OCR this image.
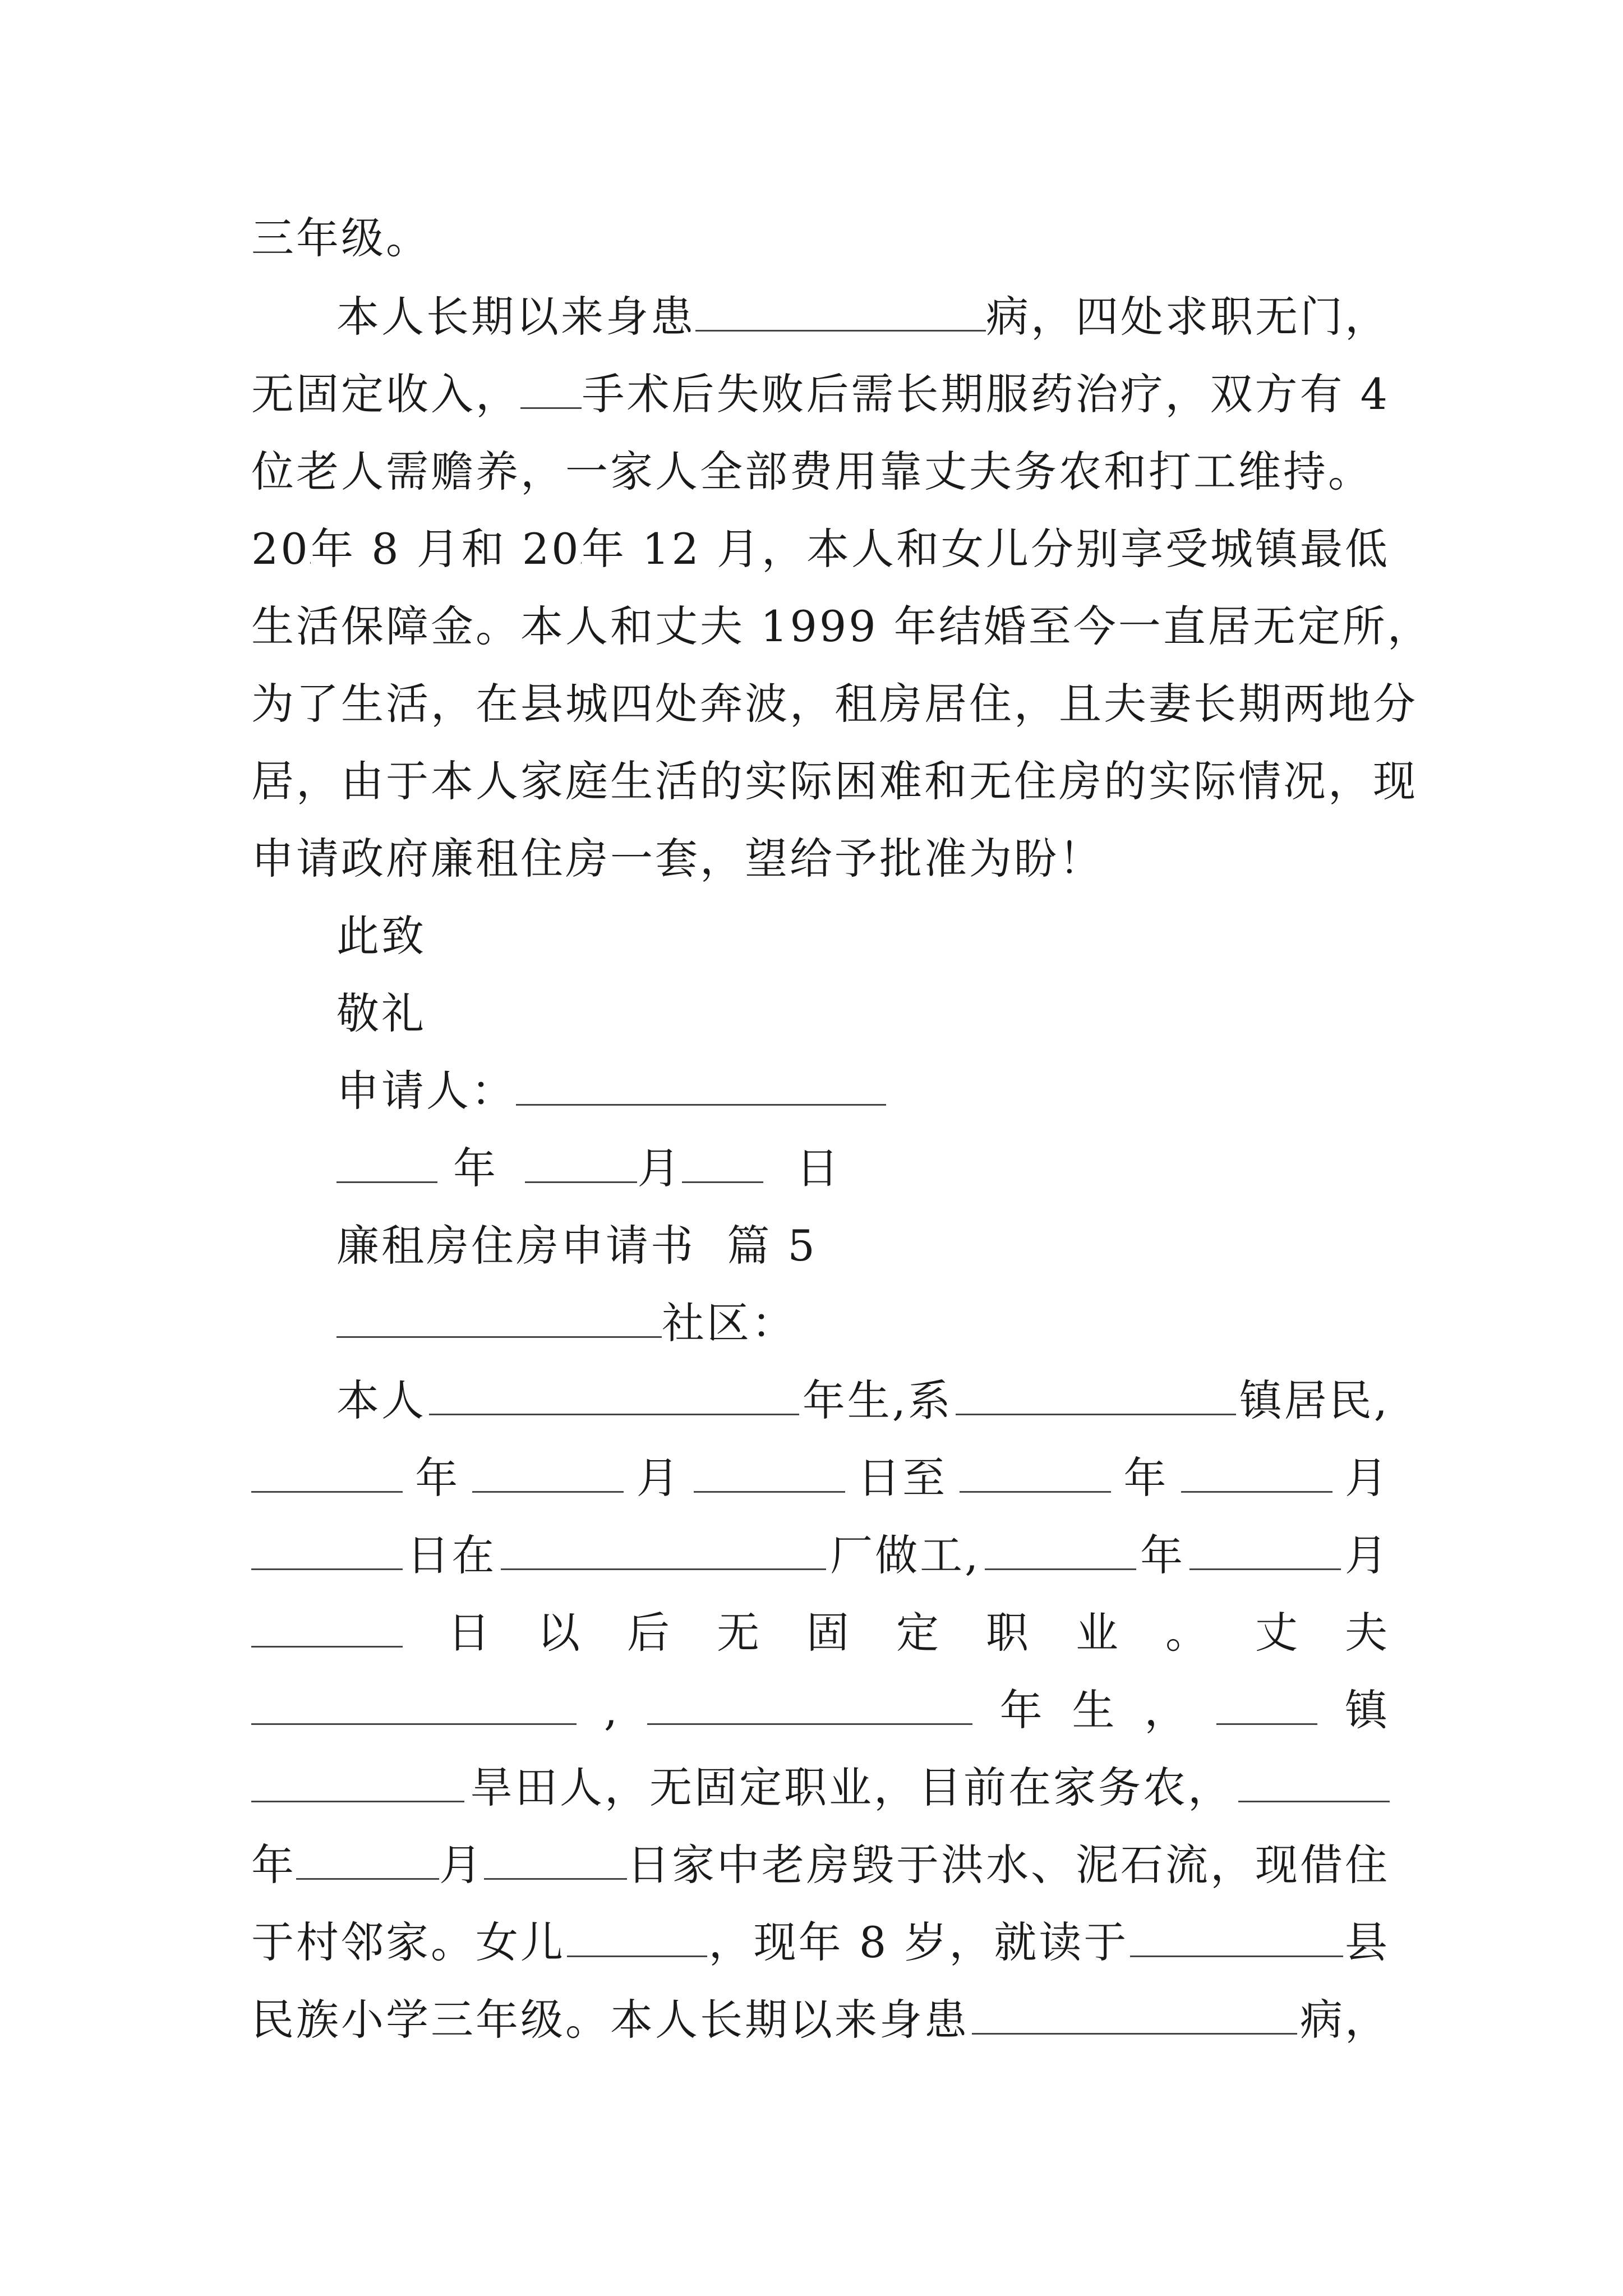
三年级。
本人长期以来身患	病，四处求职无门，
无固定收入， 手术后失败后需长期服药治疗，双方有 4
位老人需赡养，一家人全部费用靠丈夫务农和打工维持。
20 年 8 月和 20 年 12 月，本人和女儿分别享受城镇最低
生活保障金。本人和丈夫 1999 年结婚至今一直居无定所，
为了生活，在县城四处奔波，租房居住，且夫妻长期两地分
居，由于本人家庭生活的实际困难和无住房的实际情况，现
申请政府廉租住房一套，望给予批准为盼！
此致
敬礼
申请人：
年	月	日
廉租房住房申请书  篇 5
社区：
本人	年生,系	镇居民,
年	月	日至	年	月
日在	厂做工,	年	月
日 以 后 无 固 定 职 业 。 丈 夫
,	年 生 ，	镇
旱田人，无固定职业，目前在家务农，
年	月	日家中老房毁于洪水、泥石流，现借住
于村邻家。女儿	，现年 8 岁，就读于	县
民族小学三年级。本人长期以来身患	病，
